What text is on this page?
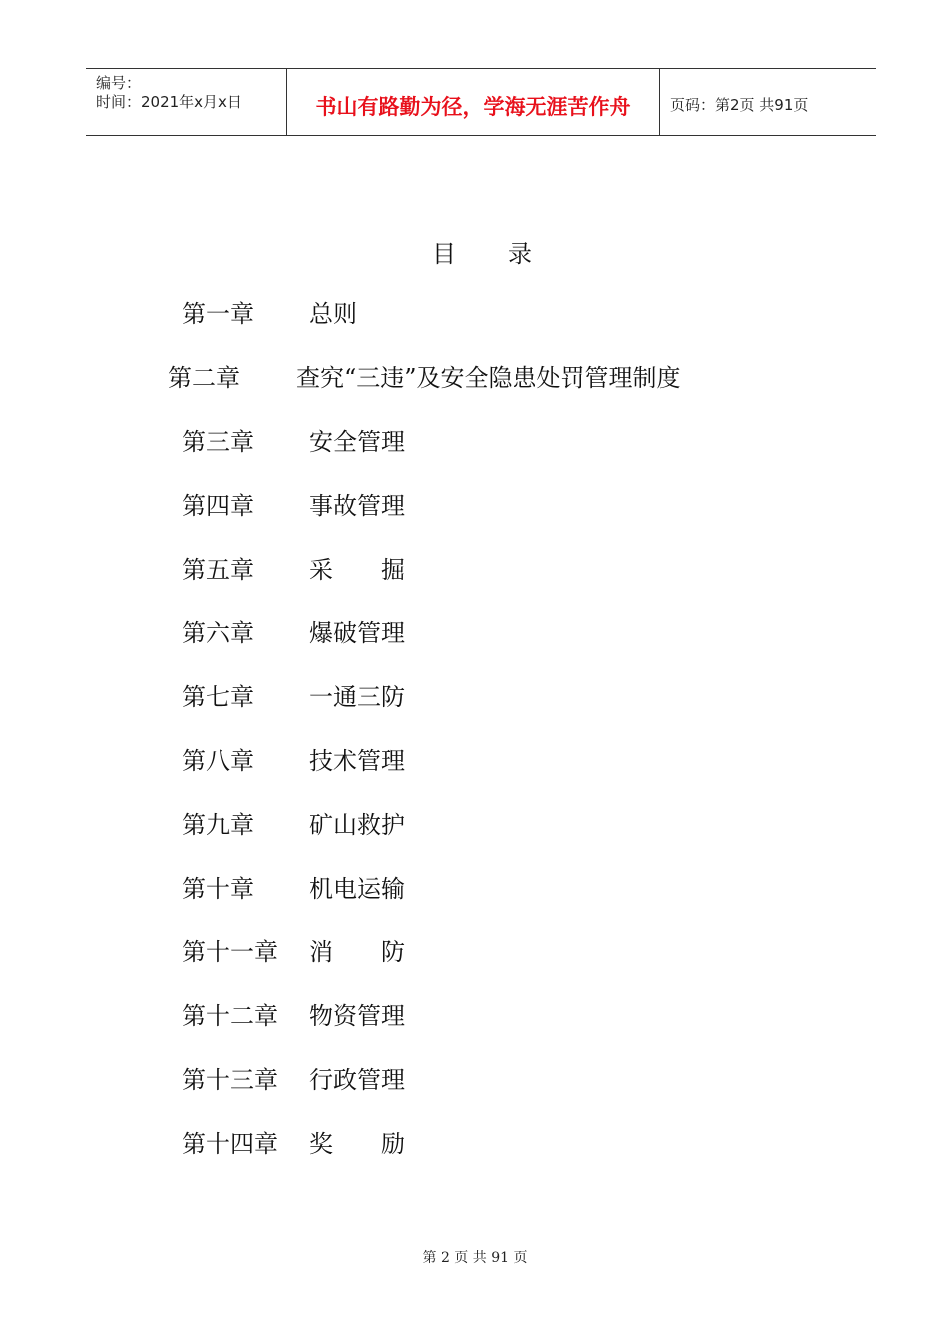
编号：
时间：2021年x月x日	书山有路勤为径，学海无涯苦作舟	页码：第2页 共91页
目 录
第一章 总则
第二章 查究“三违”及安全隐患处罚管理制度
第三章 安全管理
第四章 事故管理
第五章 采　　掘
第六章 爆破管理
第七章 一通三防
第八章 技术管理
第九章 矿山救护
第十章 机电运输
第十一章 消　　防
第十二章 物资管理
第十三章 行政管理
第十四章 奖　　励
第 2 页 共 91 页
